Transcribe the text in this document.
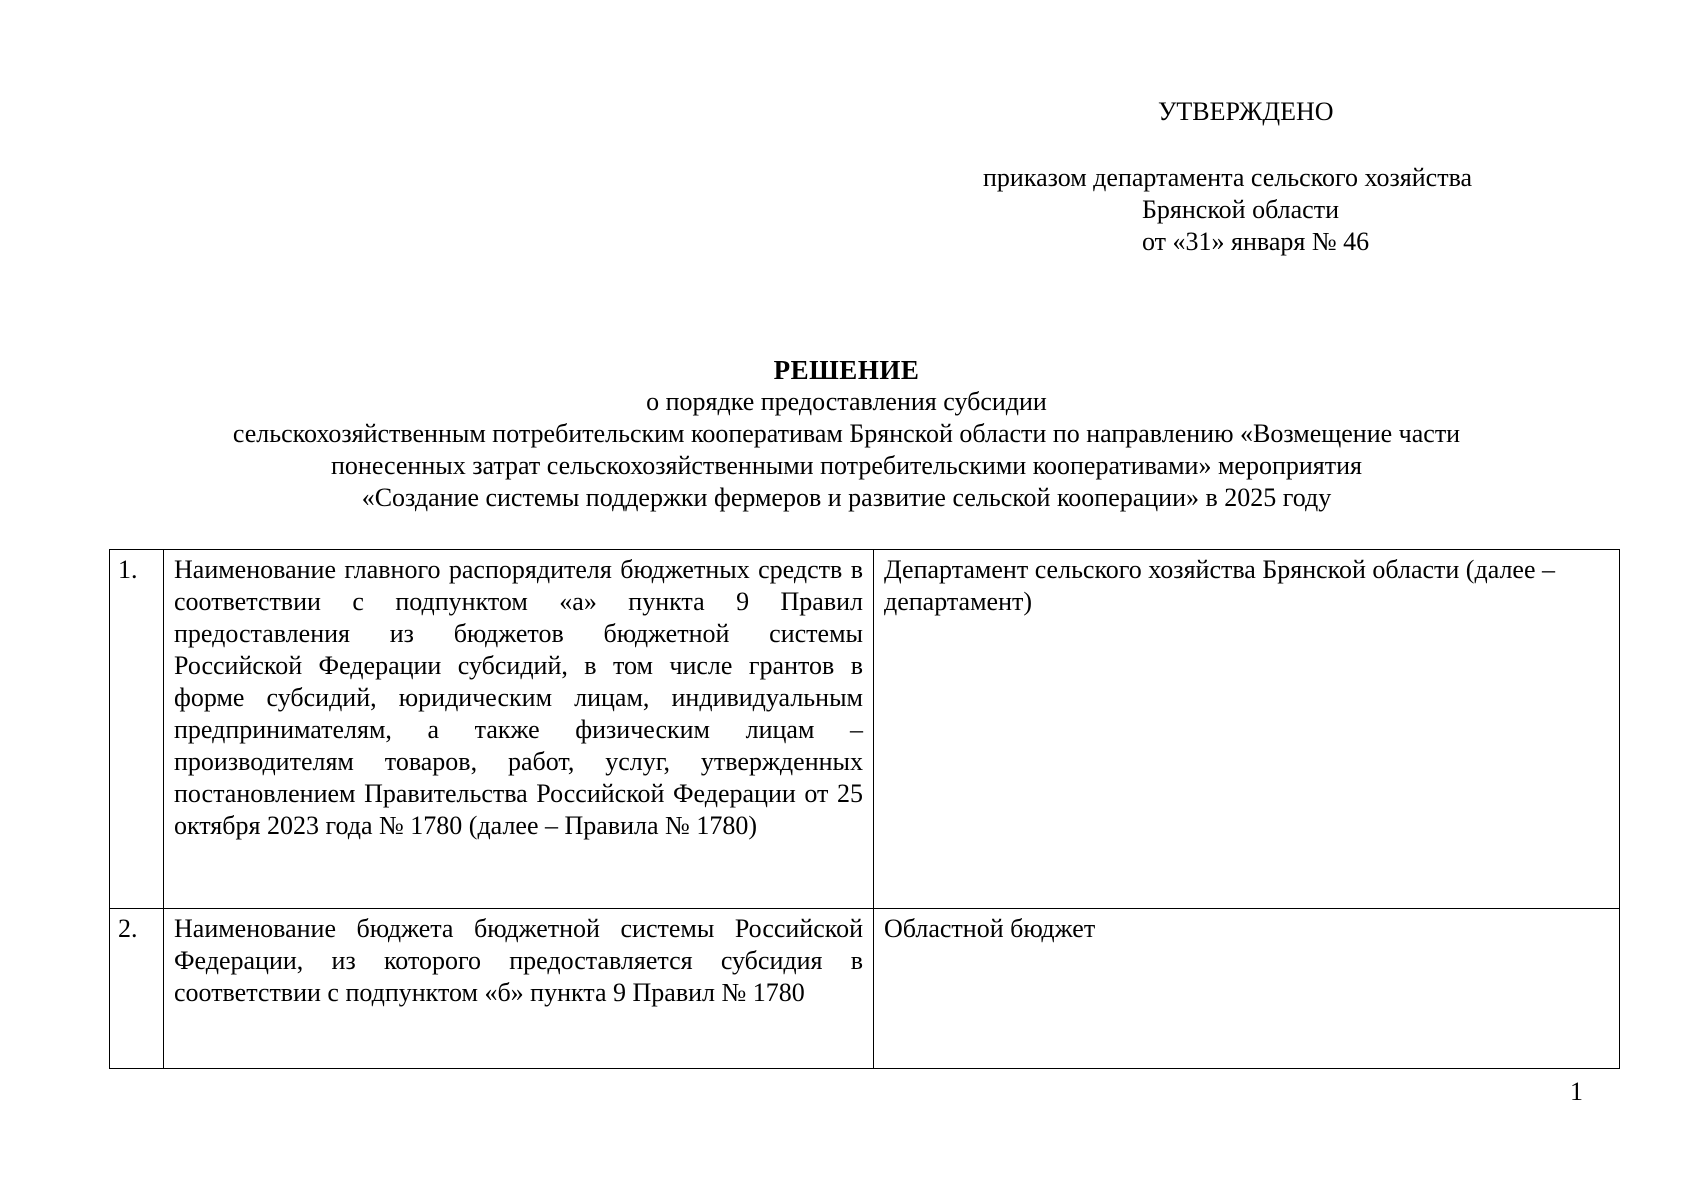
УТВЕРЖДЕНО
приказом департамента сельского хозяйства
Брянской области
от «31» января № 46
РЕШЕНИЕ
о порядке предоставления субсидии
сельскохозяйственным потребительским кооперативам Брянской области по направлению «Возмещение части
понесенных затрат сельскохозяйственными потребительскими кооперативами» мероприятия
«Создание системы поддержки фермеров и развитие сельской кооперации» в 2025 году
1.	Наименование главного распорядителя бюджетных средств в соответствии с подпунктом «а» пункта 9 Правил предоставления из бюджетов бюджетной системы Российской Федерации субсидий, в том числе грантов в форме субсидий, юридическим лицам, индивидуальным предпринимателям, а также физическим лицам – производителям товаров, работ, услуг, утвержденных постановлением Правительства Российской Федерации от 25 октября 2023 года № 1780 (далее – Правила № 1780)	Департамент сельского хозяйства Брянской области (далее – департамент)
2.	Наименование бюджета бюджетной системы Российской Федерации, из которого предоставляется субсидия в соответствии с подпунктом «б» пункта 9 Правил № 1780	Областной бюджет
1
